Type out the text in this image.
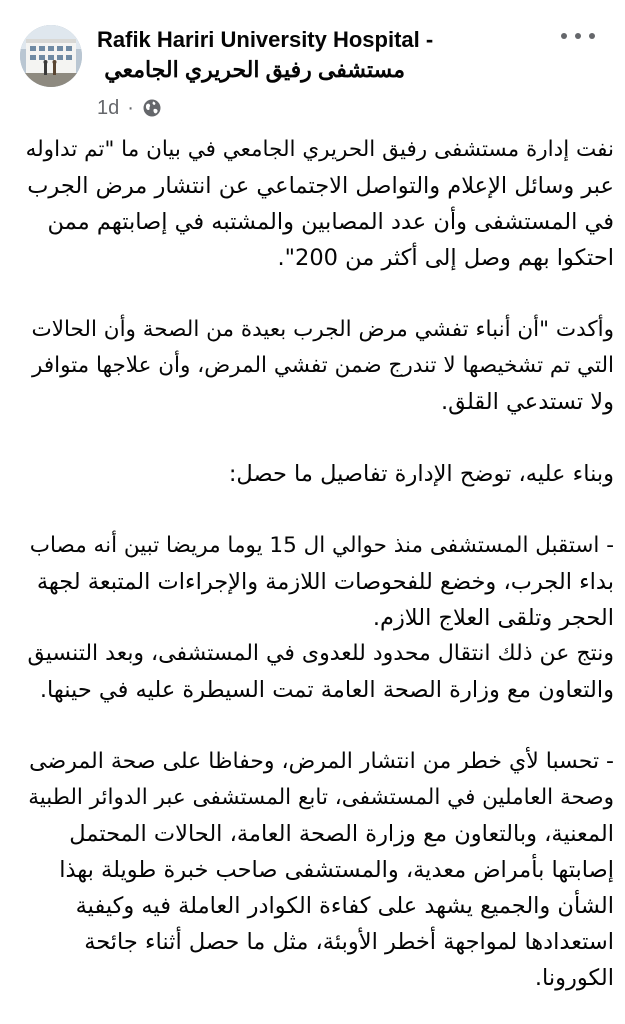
Rafik Hariri University Hospital -
مستشفى رفيق الحريري الجامعي
1d ·

نفت إدارة مستشفى رفيق الحريري الجامعي في بيان ما "تم تداوله

عبر وسائل الإعلام والتواصل الاجتماعي عن انتشار مرض الجرب

في المستشفى وأن عدد المصابين والمشتبه في إصابتهم ممن

احتكوا بهم وصل إلى أكثر من 200".

وأكدت "أن أنباء تفشي مرض الجرب بعيدة من الصحة وأن الحالات

التي تم تشخيصها لا تندرج ضمن تفشي المرض، وأن علاجها متوافر

ولا تستدعي القلق.

وبناء عليه، توضح الإدارة تفاصيل ما حصل:

- استقبل المستشفى منذ حوالي ال 15 يوما مريضا تبين أنه مصاب

بداء الجرب، وخضع للفحوصات اللازمة والإجراءات المتبعة لجهة

الحجر وتلقى العلاج اللازم.

ونتج عن ذلك انتقال محدود للعدوى في المستشفى، وبعد التنسيق

والتعاون مع وزارة الصحة العامة تمت السيطرة عليه في حينها.

- تحسبا لأي خطر من انتشار المرض، وحفاظا على صحة المرضى

وصحة العاملين في المستشفى، تابع المستشفى عبر الدوائر الطبية

المعنية، وبالتعاون مع وزارة الصحة العامة، الحالات المحتمل

إصابتها بأمراض معدية، والمستشفى صاحب خبرة طويلة بهذا

الشأن والجميع يشهد على كفاءة الكوادر العاملة فيه وكيفية

استعدادها لمواجهة أخطر الأوبئة، مثل ما حصل أثناء جائحة

الكورونا.
